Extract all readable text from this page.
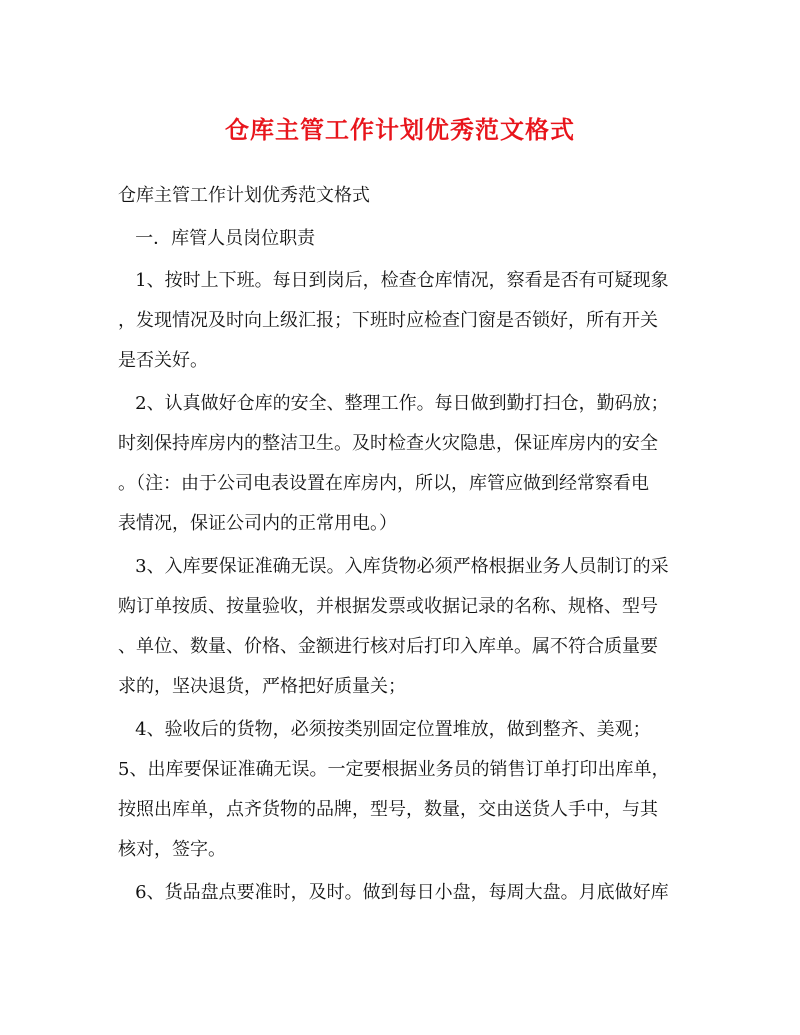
仓库主管工作计划优秀范文格式

仓库主管工作计划优秀范文格式

一．库管人员岗位职责

1、按时上下班。每日到岗后，检查仓库情况，察看是否有可疑现象

，发现情况及时向上级汇报；下班时应检查门窗是否锁好，所有开关

是否关好。

2、认真做好仓库的安全、整理工作。每日做到勤打扫仓，勤码放；

时刻保持库房内的整洁卫生。及时检查火灾隐患，保证库房内的安全

。（注：由于公司电表设置在库房内，所以，库管应做到经常察看电

表情况，保证公司内的正常用电。）

3、入库要保证准确无误。入库货物必须严格根据业务人员制订的采

购订单按质、按量验收，并根据发票或收据记录的名称、规格、型号

、单位、数量、价格、金额进行核对后打印入库单。属不符合质量要

求的，坚决退货，严格把好质量关；

4、验收后的货物，必须按类别固定位置堆放，做到整齐、美观；

5、出库要保证准确无误。一定要根据业务员的销售订单打印出库单，

按照出库单，点齐货物的品牌，型号，数量，交由送货人手中，与其

核对，签字。

6、货品盘点要准时，及时。做到每日小盘，每周大盘。月底做好库
